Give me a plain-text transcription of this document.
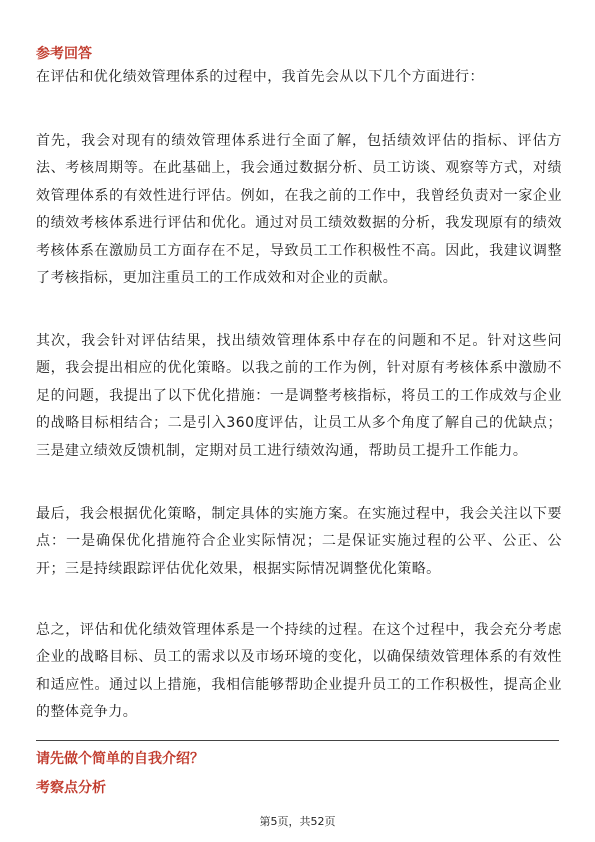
参考回答

在评估和优化绩效管理体系的过程中，我首先会从以下几个方面进行：

首先，我会对现有的绩效管理体系进行全面了解，包括绩效评估的指标、评估方法、考核周期等。在此基础上，我会通过数据分析、员工访谈、观察等方式，对绩效管理体系的有效性进行评估。例如，在我之前的工作中，我曾经负责对一家企业的绩效考核体系进行评估和优化。通过对员工绩效数据的分析，我发现原有的绩效考核体系在激励员工方面存在不足，导致员工工作积极性不高。因此，我建议调整了考核指标，更加注重员工的工作成效和对企业的贡献。

其次，我会针对评估结果，找出绩效管理体系中存在的问题和不足。针对这些问题，我会提出相应的优化策略。以我之前的工作为例，针对原有考核体系中激励不足的问题，我提出了以下优化措施：一是调整考核指标，将员工的工作成效与企业的战略目标相结合；二是引入360度评估，让员工从多个角度了解自己的优缺点；三是建立绩效反馈机制，定期对员工进行绩效沟通，帮助员工提升工作能力。

最后，我会根据优化策略，制定具体的实施方案。在实施过程中，我会关注以下要点：一是确保优化措施符合企业实际情况；二是保证实施过程的公平、公正、公开；三是持续跟踪评估优化效果，根据实际情况调整优化策略。

总之，评估和优化绩效管理体系是一个持续的过程。在这个过程中，我会充分考虑企业的战略目标、员工的需求以及市场环境的变化，以确保绩效管理体系的有效性和适应性。通过以上措施，我相信能够帮助企业提升员工的工作积极性，提高企业的整体竞争力。

请先做个简单的自我介绍？
考察点分析
第5页，共52页
